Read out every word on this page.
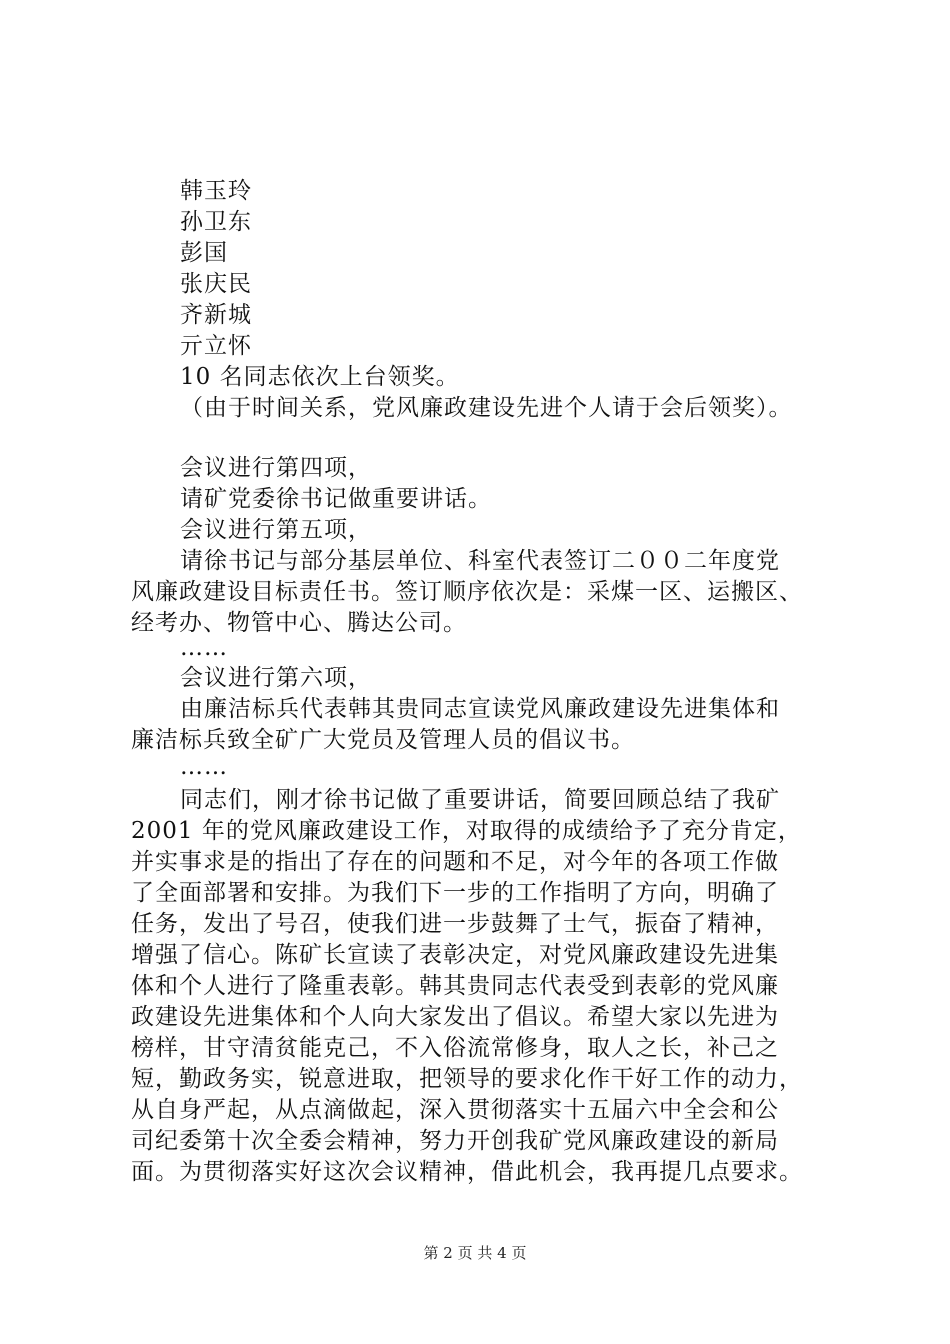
韩玉玲
孙卫东
彭国
张庆民
齐新城
亓立怀
10 名同志依次上台领奖。
（由于时间关系，党风廉政建设先进个人请于会后领奖）。
会议进行第四项，
请矿党委徐书记做重要讲话。
会议进行第五项，
请徐书记与部分基层单位、科室代表签订二００二年度党
风廉政建设目标责任书。签订顺序依次是：采煤一区、运搬区、
经考办、物管中心、腾达公司。
……
会议进行第六项，
由廉洁标兵代表韩其贵同志宣读党风廉政建设先进集体和
廉洁标兵致全矿广大党员及管理人员的倡议书。
……
同志们，刚才徐书记做了重要讲话，简要回顾总结了我矿
2001 年的党风廉政建设工作，对取得的成绩给予了充分肯定，
并实事求是的指出了存在的问题和不足，对今年的各项工作做
了全面部署和安排。为我们下一步的工作指明了方向，明确了
任务，发出了号召，使我们进一步鼓舞了士气，振奋了精神，
增强了信心。陈矿长宣读了表彰决定，对党风廉政建设先进集
体和个人进行了隆重表彰。韩其贵同志代表受到表彰的党风廉
政建设先进集体和个人向大家发出了倡议。希望大家以先进为
榜样，甘守清贫能克己，不入俗流常修身，取人之长，补己之
短，勤政务实，锐意进取，把领导的要求化作干好工作的动力，
从自身严起，从点滴做起，深入贯彻落实十五届六中全会和公
司纪委第十次全委会精神，努力开创我矿党风廉政建设的新局
面。为贯彻落实好这次会议精神，借此机会，我再提几点要求。
第 2 页 共 4 页
